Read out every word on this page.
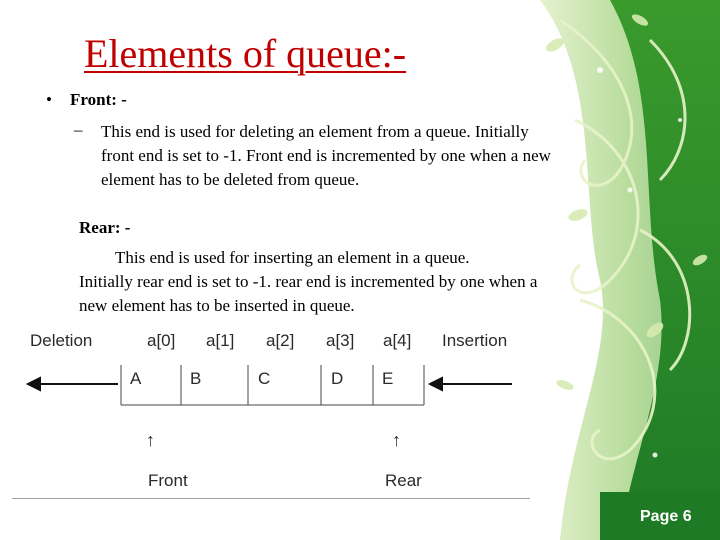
Elements of queue:-
• Front: -
– This end is used for deleting an element from a queue. Initially front end is set to -1. Front end is incremented by one when a new element has to be deleted from queue.
Rear: -
This end is used for inserting an element in a queue.
Initially rear end is set to -1. rear end is incremented by one when a new element has to be inserted in queue.
Deletion	Insertion
a[0] a[1] a[2] a[3] a[4]
A	B	C	D E
↑	↑
Front	Rear
Page 6
